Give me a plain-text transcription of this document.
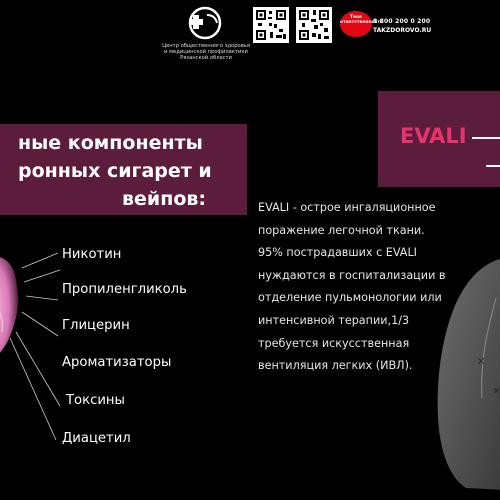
Центр общественного здоровья и медицинской профилактики Рязанской области
Твоя ответственность
8 800 200 0 200
TAKZDOROVO.RU
ные компоненты
ронных сигарет и
вейпов:
Никотин
Пропиленгликоль
Глицерин
Ароматизаторы
Токсины
Диацетил
EVALI
EVALI - острое ингаляционное
поражение легочной ткани.
95% пострадавших с EVALI
нуждаются в госпитализации в
отделение пульмонологии или
интенсивной терапии,1/3
требуется искусственная
вентиляция легких (ИВЛ).
